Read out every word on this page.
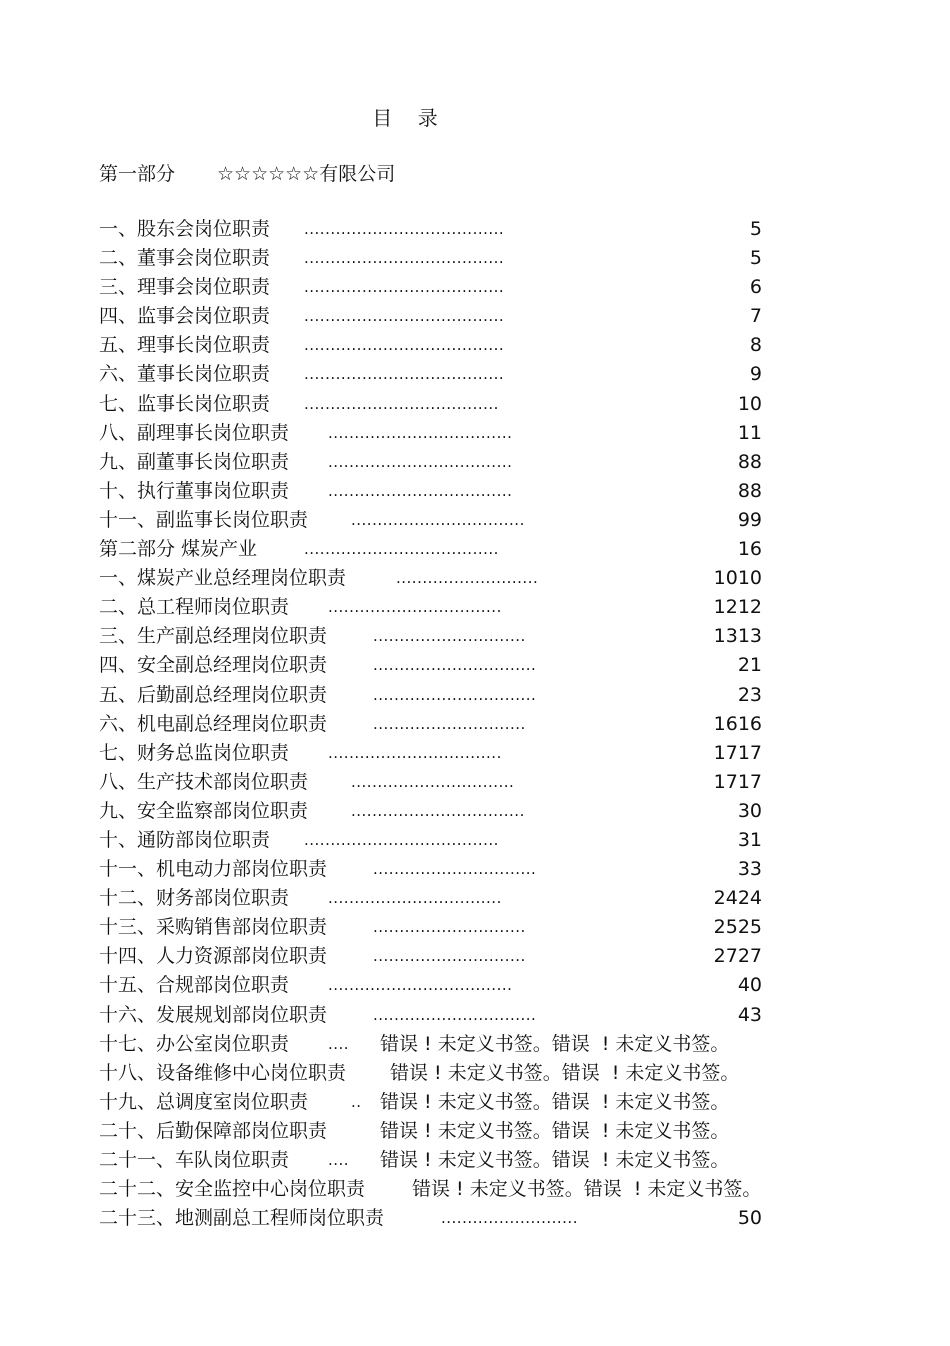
目    录
第一部分 ☆☆☆☆☆☆有限公司
一、股东会岗位职责 ......................................	5
二、董事会岗位职责 ......................................	5
三、理事会岗位职责 ......................................	6
四、监事会岗位职责 ......................................	7
五、理事长岗位职责 ......................................	8
六、董事长岗位职责 ......................................	9
七、监事长岗位职责 .....................................	10
八、副理事长岗位职责	...................................	11
九、副董事长岗位职责	...................................	88
十、执行董事岗位职责	...................................	88
十一、副监事长岗位职责	.................................	99
第二部分 煤炭产业	.....................................	16
一、煤炭产业总经理岗位职责	...........................	1010
二、总工程师岗位职责	.................................	1212
三、生产副总经理岗位职责	.............................	1313
四、安全副总经理岗位职责	...............................	21
五、后勤副总经理岗位职责	...............................	23
六、机电副总经理岗位职责	.............................	1616
七、财务总监岗位职责	.................................	1717
八、生产技术部岗位职责	...............................	1717
九、安全监察部岗位职责	.................................	30
十、通防部岗位职责 .....................................	31
十一、机电动力部岗位职责	...............................	33
十二、财务部岗位职责	.................................	2424
十三、采购销售部岗位职责	.............................	2525
十四、人力资源部岗位职责	.............................	2727
十五、合规部岗位职责	...................................	40
十六、发展规划部岗位职责	...............................	43
十七、办公室岗位职责	.... 错误 ! 未定义书签。错误  ! 未定义书签。
十八、设备维修中心岗位职责 错误 ! 未定义书签。错误  ! 未定义书签。
十九、总调度室岗位职责	.. 错误 ! 未定义书签。错误  ! 未定义书签。
二十、后勤保障部岗位职责	错误 ! 未定义书签。错误  ! 未定义书签。
二十一、车队岗位职责	.... 错误 ! 未定义书签。错误  ! 未定义书签。
二十二、安全监控中心岗位职责 错误 ! 未定义书签。错误  ! 未定义书签。
二十三、地测副总工程师岗位职责	..........................	50
